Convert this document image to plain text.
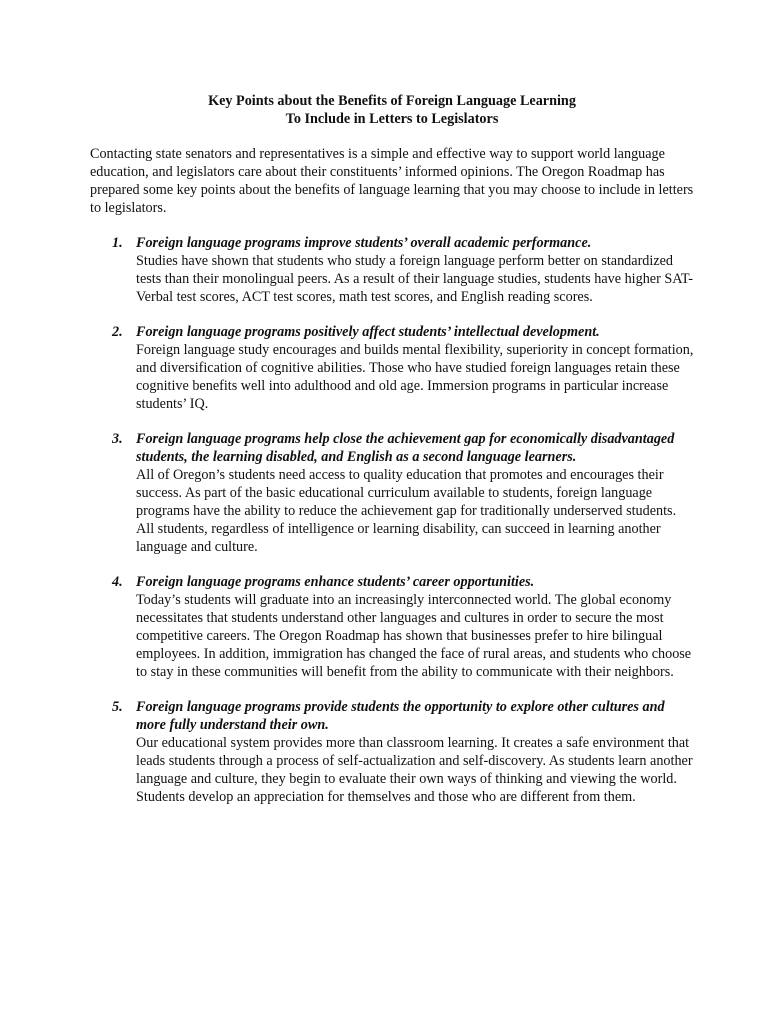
Key Points about the Benefits of Foreign Language Learning
To Include in Letters to Legislators

Contacting state senators and representatives is a simple and effective way to support world language education, and legislators care about their constituents’ informed opinions. The Oregon Roadmap has prepared some key points about the benefits of language learning that you may choose to include in letters to legislators.

1. Foreign language programs improve students’ overall academic performance.
Studies have shown that students who study a foreign language perform better on standardized tests than their monolingual peers. As a result of their language studies, students have higher SAT-Verbal test scores, ACT test scores, math test scores, and English reading scores.
2. Foreign language programs positively affect students’ intellectual development.
Foreign language study encourages and builds mental flexibility, superiority in concept formation, and diversification of cognitive abilities. Those who have studied foreign languages retain these cognitive benefits well into adulthood and old age. Immersion programs in particular increase students’ IQ.
3. Foreign language programs help close the achievement gap for economically disadvantaged students, the learning disabled, and English as a second language learners.
All of Oregon’s students need access to quality education that promotes and encourages their success. As part of the basic educational curriculum available to students, foreign language programs have the ability to reduce the achievement gap for traditionally underserved students. All students, regardless of intelligence or learning disability, can succeed in learning another language and culture.
4. Foreign language programs enhance students’ career opportunities.
Today’s students will graduate into an increasingly interconnected world. The global economy necessitates that students understand other languages and cultures in order to secure the most competitive careers. The Oregon Roadmap has shown that businesses prefer to hire bilingual employees. In addition, immigration has changed the face of rural areas, and students who choose to stay in these communities will benefit from the ability to communicate with their neighbors.
5. Foreign language programs provide students the opportunity to explore other cultures and more fully understand their own.
Our educational system provides more than classroom learning. It creates a safe environment that leads students through a process of self-actualization and self-discovery. As students learn another language and culture, they begin to evaluate their own ways of thinking and viewing the world. Students develop an appreciation for themselves and those who are different from them.
